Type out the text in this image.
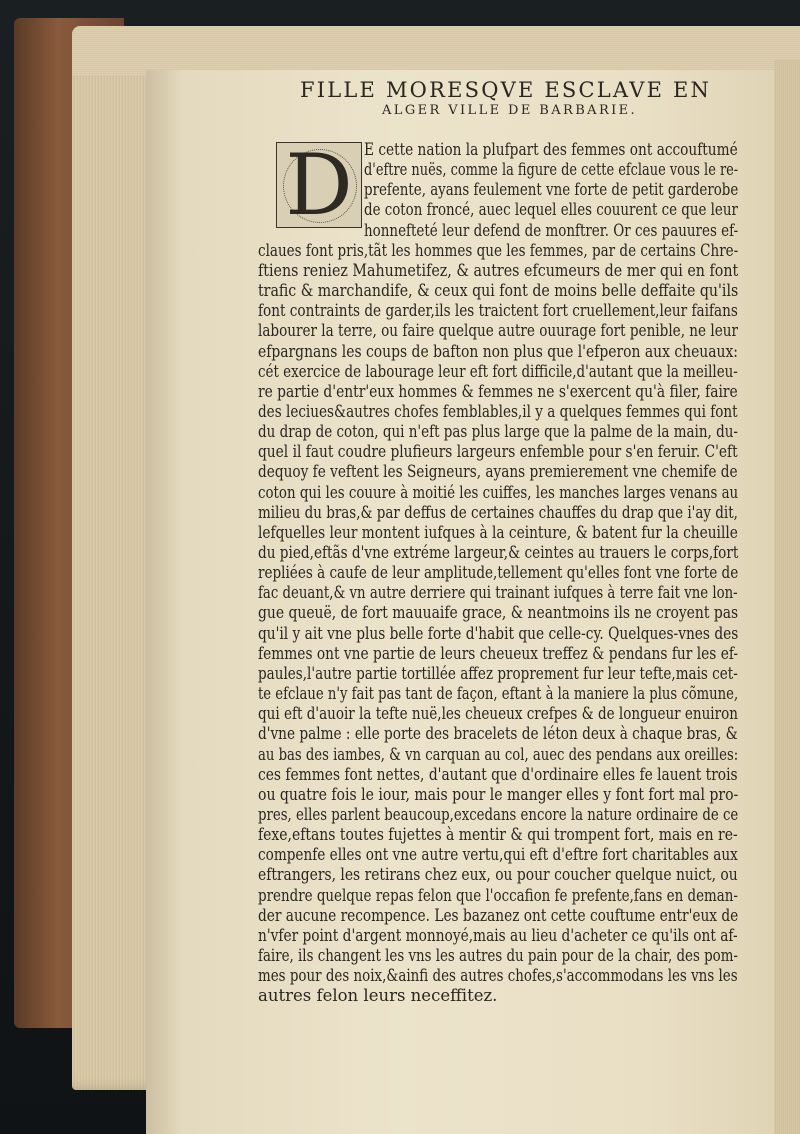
FILLE MORESQVE ESCLAVE EN
ALGER VILLE DE BARBARIE.
D E cette nation la plufpart des femmes ont accouftumé
d'eftre nuës, comme la figure de cette efclaue vous le re-
prefente, ayans feulement vne forte de petit garderobe
de coton froncé, auec lequel elles couurent ce que leur
honnefteté leur defend de monftrer. Or ces pauures ef-
claues font pris,tãt les hommes que les femmes, par de certains Chre-
ftiens reniez Mahumetifez, & autres efcumeurs de mer qui en font
trafic & marchandife, & ceux qui font de moins belle deffaite qu'ils
font contraints de garder,ils les traictent fort cruellement,leur faifans
labourer la terre, ou faire quelque autre ouurage fort penible, ne leur
efpargnans les coups de bafton non plus que l'efperon aux cheuaux:
cét exercice de labourage leur eft fort difficile,d'autant que la meilleu-
re partie d'entr'eux hommes & femmes ne s'exercent qu'à filer, faire
des leciues&autres chofes femblables,il y a quelques femmes qui font
du drap de coton, qui n'eft pas plus large que la palme de la main, du-
quel il faut coudre plufieurs largeurs enfemble pour s'en feruir. C'eft
dequoy fe veftent les Seigneurs, ayans premierement vne chemife de
coton qui les couure à moitié les cuiffes, les manches larges venans au
milieu du bras,& par deffus de certaines chauffes du drap que i'ay dit,
lefquelles leur montent iufques à la ceinture, & batent fur la cheuille
du pied,eftãs d'vne extréme largeur,& ceintes au trauers le corps,fort
repliées à caufe de leur amplitude,tellement qu'elles font vne forte de
fac deuant,& vn autre derriere qui trainant iufques à terre fait vne lon-
gue queuë, de fort mauuaife grace, & neantmoins ils ne croyent pas
qu'il y ait vne plus belle forte d'habit que celle-cy. Quelques-vnes des
femmes ont vne partie de leurs cheueux treffez & pendans fur les ef-
paules,l'autre partie tortillée affez proprement fur leur tefte,mais cet-
te efclaue n'y fait pas tant de façon, eftant à la maniere la plus cõmune,
qui eft d'auoir la tefte nuë,les cheueux crefpes & de longueur enuiron
d'vne palme : elle porte des bracelets de léton deux à chaque bras, &
au bas des iambes, & vn carquan au col, auec des pendans aux oreilles:
ces femmes font nettes, d'autant que d'ordinaire elles fe lauent trois
ou quatre fois le iour, mais pour le manger elles y font fort mal pro-
pres, elles parlent beaucoup,excedans encore la nature ordinaire de ce
fexe,eftans toutes fujettes à mentir & qui trompent fort, mais en re-
compenfe elles ont vne autre vertu,qui eft d'eftre fort charitables aux
eftrangers, les retirans chez eux, ou pour coucher quelque nuict, ou
prendre quelque repas felon que l'occafion fe prefente,fans en deman-
der aucune recompence. Les bazanez ont cette couftume entr'eux de
n'vfer point d'argent monnoyé,mais au lieu d'acheter ce qu'ils ont af-
faire, ils changent les vns les autres du pain pour de la chair, des pom-
mes pour des noix,&ainfi des autres chofes,s'accommodans les vns les
autres felon leurs neceffitez.
